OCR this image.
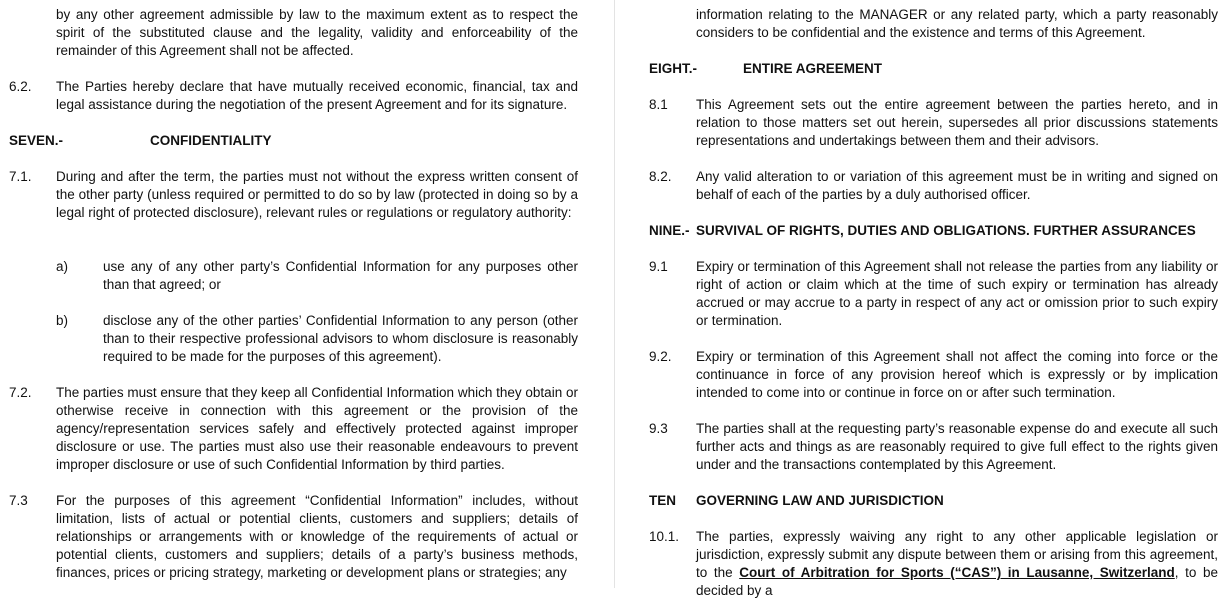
by any other agreement admissible by law to the maximum extent as to respect the spirit of the substituted clause and the legality, validity and enforceability of the remainder of this Agreement shall not be affected.
6.2. The Parties hereby declare that have mutually received economic, financial, tax and legal assistance during the negotiation of the present Agreement and for its signature.
SEVEN.-	CONFIDENTIALITY
7.1. During and after the term, the parties must not without the express written consent of the other party (unless required or permitted to do so by law (protected in doing so by a legal right of protected disclosure), relevant rules or regulations or regulatory authority:
a)	use any of any other party’s Confidential Information for any purposes other than that agreed; or
b)	disclose any of the other parties’ Confidential Information to any person (other than to their respective professional advisors to whom disclosure is reasonably required to be made for the purposes of this agreement).
7.2. The parties must ensure that they keep all Confidential Information which they obtain or otherwise receive in connection with this agreement or the provision of the agency/representation services safely and effectively protected against improper disclosure or use. The parties must also use their reasonable endeavours to prevent improper disclosure or use of such Confidential Information by third parties.
7.3 For the purposes of this agreement “Confidential Information” includes, without limitation, lists of actual or potential clients, customers and suppliers; details of relationships or arrangements with or knowledge of the requirements of actual or potential clients, customers and suppliers; details of a party’s business methods, finances, prices or pricing strategy, marketing or development plans or strategies; any
information relating to the MANAGER or any related party, which a party reasonably considers to be confidential and the existence and terms of this Agreement.
EIGHT.-	ENTIRE AGREEMENT
8.1 This Agreement sets out the entire agreement between the parties hereto, and in relation to those matters set out herein, supersedes all prior discussions statements representations and undertakings between them and their advisors.
8.2. Any valid alteration to or variation of this agreement must be in writing and signed on behalf of each of the parties by a duly authorised officer.
NINE.- SURVIVAL OF RIGHTS, DUTIES AND OBLIGATIONS. FURTHER ASSURANCES
9.1 Expiry or termination of this Agreement shall not release the parties from any liability or right of action or claim which at the time of such expiry or termination has already accrued or may accrue to a party in respect of any act or omission prior to such expiry or termination.
9.2. Expiry or termination of this Agreement shall not affect the coming into force or the continuance in force of any provision hereof which is expressly or by implication intended to come into or continue in force on or after such termination.
9.3 The parties shall at the requesting party’s reasonable expense do and execute all such further acts and things as are reasonably required to give full effect to the rights given under and the transactions contemplated by this Agreement.
TEN GOVERNING LAW AND JURISDICTION
10.1. The parties, expressly waiving any right to any other applicable legislation or jurisdiction, expressly submit any dispute between them or arising from this agreement, to the Court of Arbitration for Sports (“CAS”) in Lausanne, Switzerland, to be decided by a
